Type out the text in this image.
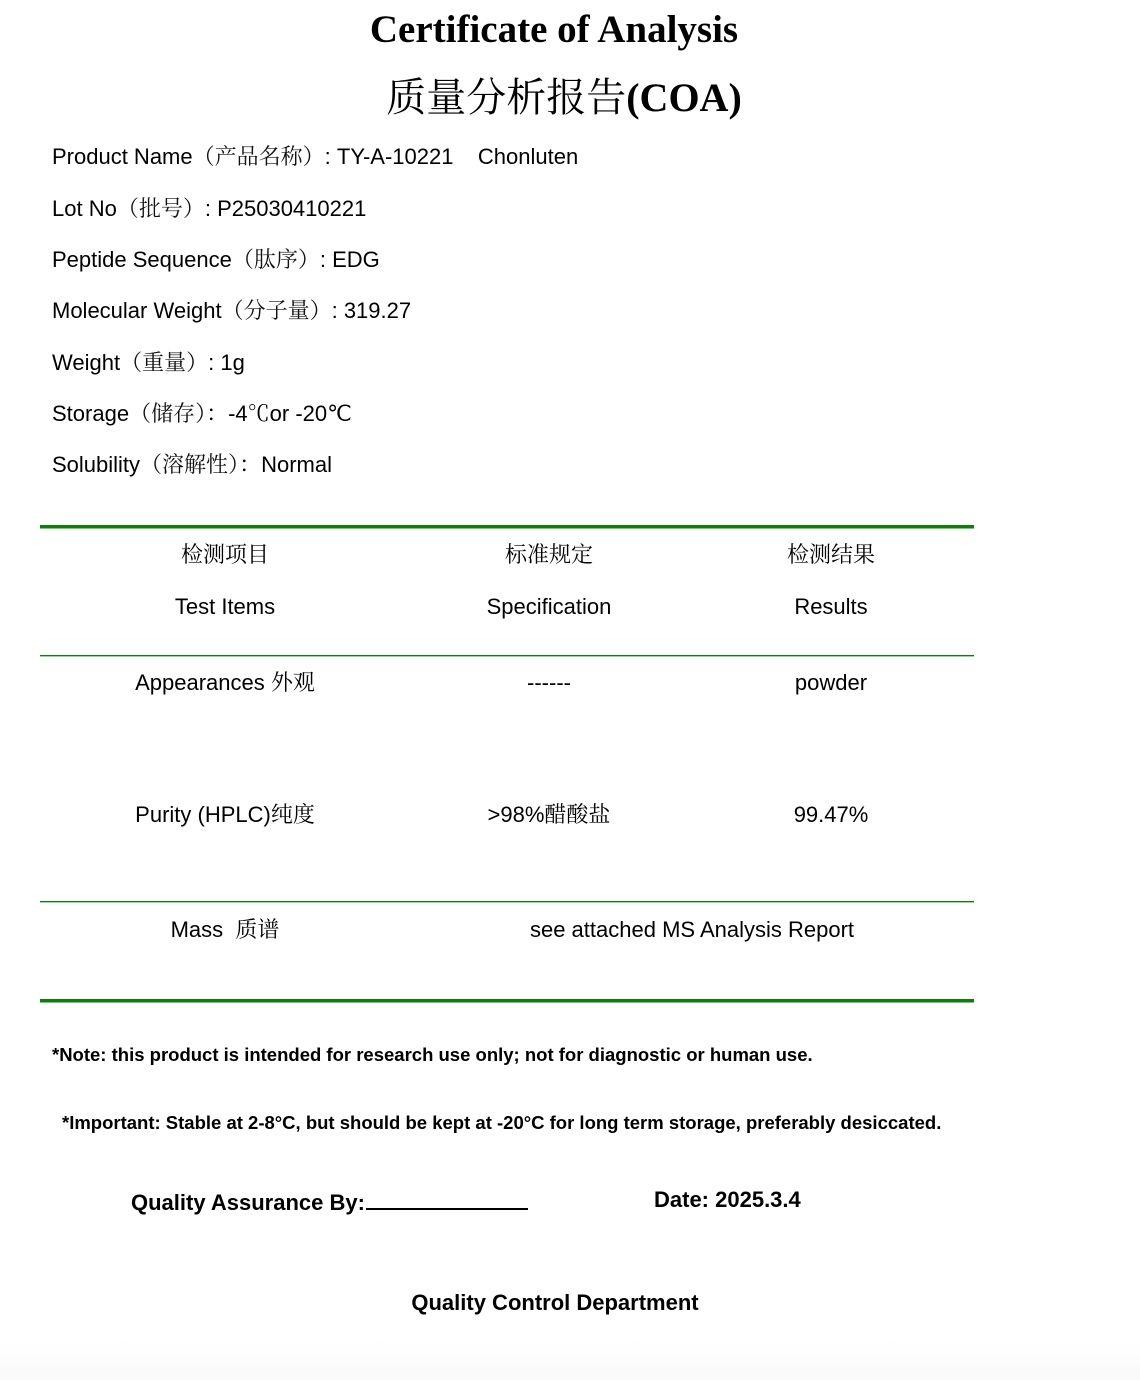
Certificate of Analysis
质量分析报告(COA)
Product Name（产品名称）: TY-A-10221    Chonluten
Lot No（批号）: P25030410221
Peptide Sequence（肽序）: EDG
Molecular Weight（分子量）: 319.27
Weight（重量）: 1g
Storage（储存）：-4℃or -20℃
Solubility（溶解性）：Normal
检测项目	标准规定	检测结果
Test Items	Specification	Results
Appearances 外观	------	powder
Purity (HPLC)纯度	>98%醋酸盐	99.47%
Mass  质谱	see attached MS Analysis Report
*Note: this product is intended for research use only; not for diagnostic or human use.
*Important: Stable at 2-8°C, but should be kept at -20°C for long term storage, preferably desiccated.
Quality Assurance By:	Date: 2025.3.4
Quality Control Department
